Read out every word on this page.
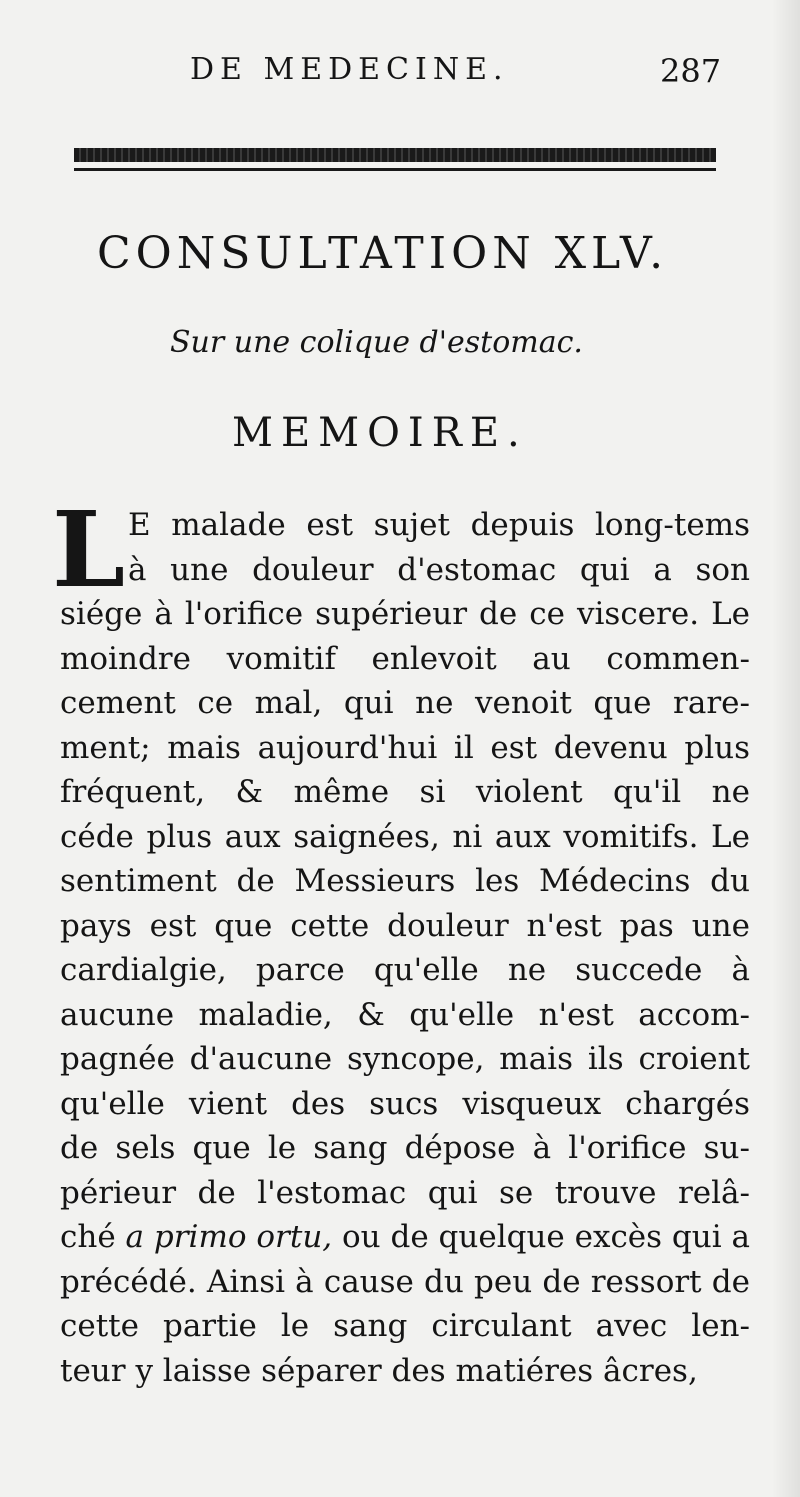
DE MEDECINE.	287
CONSULTATION XLV.
Sur une colique d'estomac.
MEMOIRE.
L E malade est sujet depuis long-tems
à une douleur d'estomac qui a son
siége à l'orifice supérieur de ce viscere. Le
moindre vomitif enlevoit au commen-
cement ce mal, qui ne venoit que rare-
ment; mais aujourd'hui il est devenu plus
fréquent, & même si violent qu'il ne
céde plus aux saignées, ni aux vomitifs. Le
sentiment de Messieurs les Médecins du
pays est que cette douleur n'est pas une
cardialgie, parce qu'elle ne succede à
aucune maladie, & qu'elle n'est accom-
pagnée d'aucune syncope, mais ils croient
qu'elle vient des sucs visqueux chargés
de sels que le sang dépose à l'orifice su-
périeur de l'estomac qui se trouve relâ-
ché a primo ortu, ou de quelque excès qui a
précédé. Ainsi à cause du peu de ressort de
cette partie le sang circulant avec len-
teur y laisse séparer des matiéres âcres,
